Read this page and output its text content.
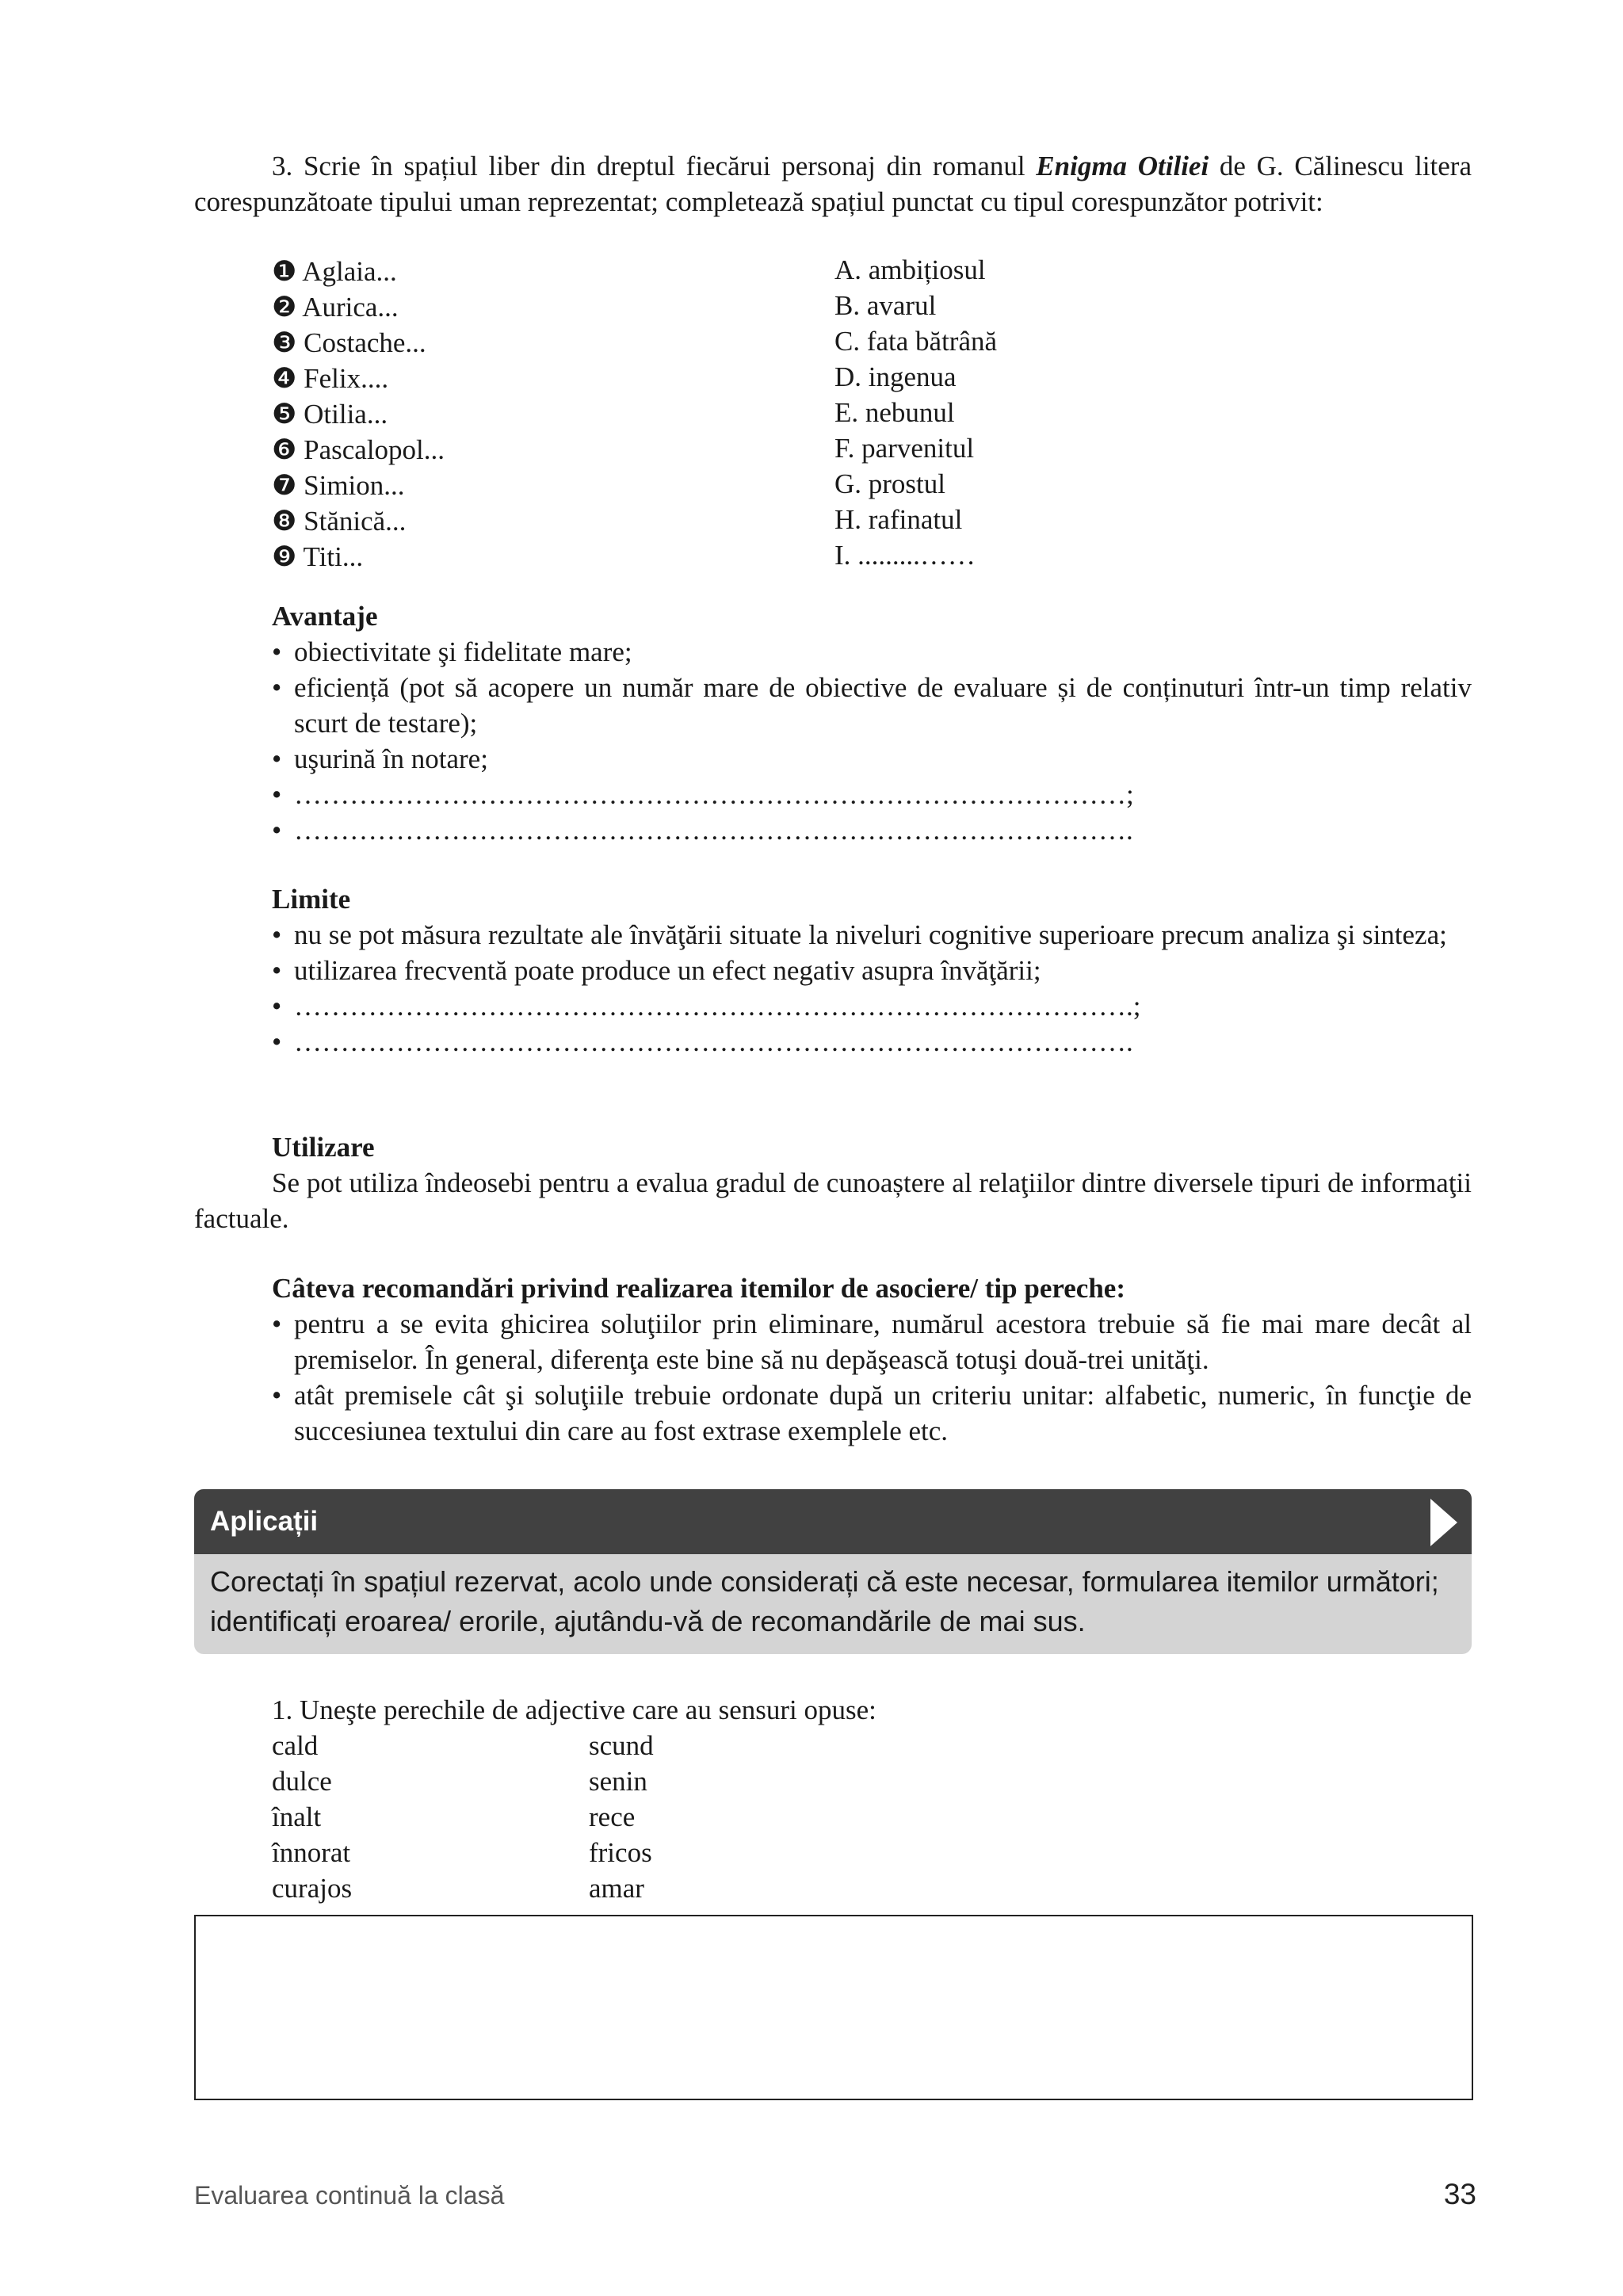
3. Scrie în spațiul liber din dreptul fiecărui personaj din romanul Enigma Otiliei de G. Călinescu litera corespunzătoate tipului uman reprezentat; completează spațiul punctat cu tipul corespunzător potrivit:
❶ Aglaia...
❷ Aurica...
❸ Costache...
❹ Felix....
❺ Otilia...
❻ Pascalopol...
❼ Simion...
❽ Stănică...
❾ Titi...
A. ambițiosul
B. avarul
C. fata bătrână
D. ingenua
E. nebunul
F. parvenitul
G. prostul
H. rafinatul
I. .........……
Avantaje
• obiectivitate şi fidelitate mare;
• eficiență (pot să acopere un număr mare de obiective de evaluare și de conținuturi într-un timp relativ scurt de testare);
• uşurină în notare;
• ………………………………………………………………………………;
• ……………………………………………………………………………….
Limite
• nu se pot măsura rezultate ale învăţării situate la niveluri cognitive superioare precum analiza şi sinteza;
• utilizarea frecventă poate produce un efect negativ asupra învăţării;
• ……………………………………………………………………………….;
• ……………………………………………………………………………….
Utilizare
Se pot utiliza îndeosebi pentru a evalua gradul de cunoaștere al relaţiilor dintre diversele tipuri de informaţii factuale.
Câteva recomandări privind realizarea itemilor de asociere/ tip pereche:
• pentru a se evita ghicirea soluţiilor prin eliminare, numărul acestora trebuie să fie mai mare decât al premiselor. În general, diferenţa este bine să nu depăşească totuşi două-trei unităţi.
• atât premisele cât şi soluţiile trebuie ordonate după un criteriu unitar: alfabetic, numeric, în funcţie de succesiunea textului din care au fost extrase exemplele etc.
Aplicații
Corectați în spațiul rezervat, acolo unde considerați că este necesar, formularea itemilor următori; identificați eroarea/ erorile, ajutându-vă de recomandările de mai sus.
1. Uneşte perechile de adjective care au sensuri opuse:
cald
dulce
înalt
înnorat
curajos
scund
senin
rece
fricos
amar
Evaluarea continuă la clasă	33
